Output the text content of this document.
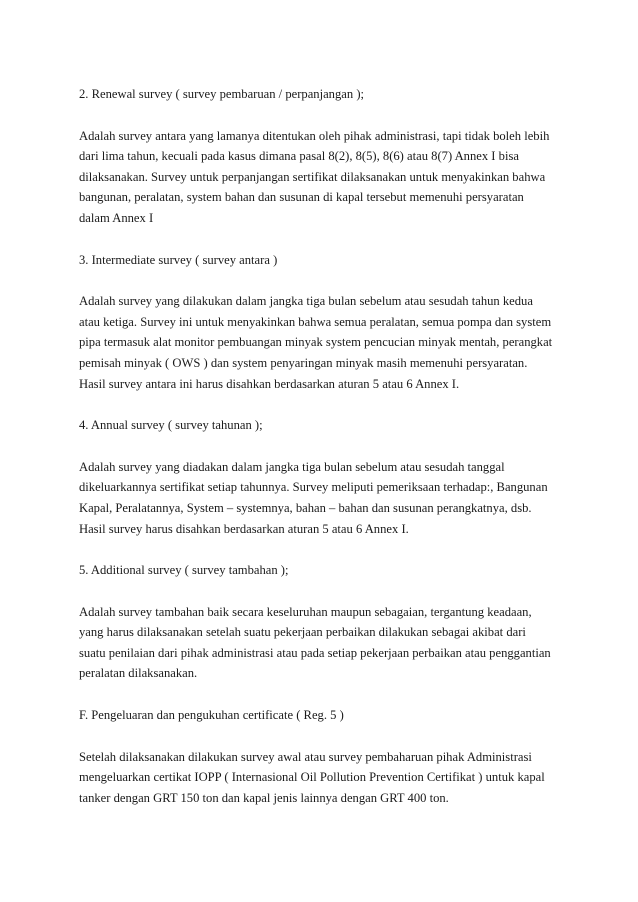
2. Renewal survey ( survey pembaruan / perpanjangan );
Adalah survey antara yang lamanya ditentukan oleh pihak administrasi, tapi tidak boleh lebih
dari lima tahun, kecuali pada kasus dimana pasal 8(2), 8(5), 8(6) atau 8(7) Annex I bisa
dilaksanakan. Survey untuk perpanjangan sertifikat dilaksanakan untuk menyakinkan bahwa
bangunan, peralatan, system bahan dan susunan di kapal tersebut memenuhi persyaratan
dalam Annex I
3. Intermediate survey ( survey antara )
Adalah survey yang dilakukan dalam jangka tiga bulan sebelum atau sesudah tahun kedua
atau ketiga. Survey ini untuk menyakinkan bahwa semua peralatan, semua pompa dan system
pipa termasuk alat monitor pembuangan minyak system pencucian minyak mentah, perangkat
pemisah minyak ( OWS ) dan system penyaringan minyak masih memenuhi persyaratan.
Hasil survey antara ini harus disahkan berdasarkan aturan 5 atau 6 Annex I.
4. Annual survey ( survey tahunan );
Adalah survey yang diadakan dalam jangka tiga bulan sebelum atau sesudah tanggal
dikeluarkannya sertifikat setiap tahunnya. Survey meliputi pemeriksaan terhadap:, Bangunan
Kapal, Peralatannya, System – systemnya, bahan – bahan dan susunan perangkatnya, dsb.
Hasil survey harus disahkan berdasarkan aturan 5 atau 6 Annex I.
5. Additional survey ( survey tambahan );
Adalah survey tambahan baik secara keseluruhan maupun sebagaian, tergantung keadaan,
yang harus dilaksanakan setelah suatu pekerjaan perbaikan dilakukan sebagai akibat dari
suatu penilaian dari pihak administrasi atau pada setiap pekerjaan perbaikan atau penggantian
peralatan dilaksanakan.
F. Pengeluaran dan pengukuhan certificate ( Reg. 5 )
Setelah dilaksanakan dilakukan survey awal atau survey pembaharuan pihak Administrasi
mengeluarkan certikat IOPP ( Internasional Oil Pollution Prevention Certifikat ) untuk kapal
tanker dengan GRT 150 ton dan kapal jenis lainnya dengan GRT 400 ton.
